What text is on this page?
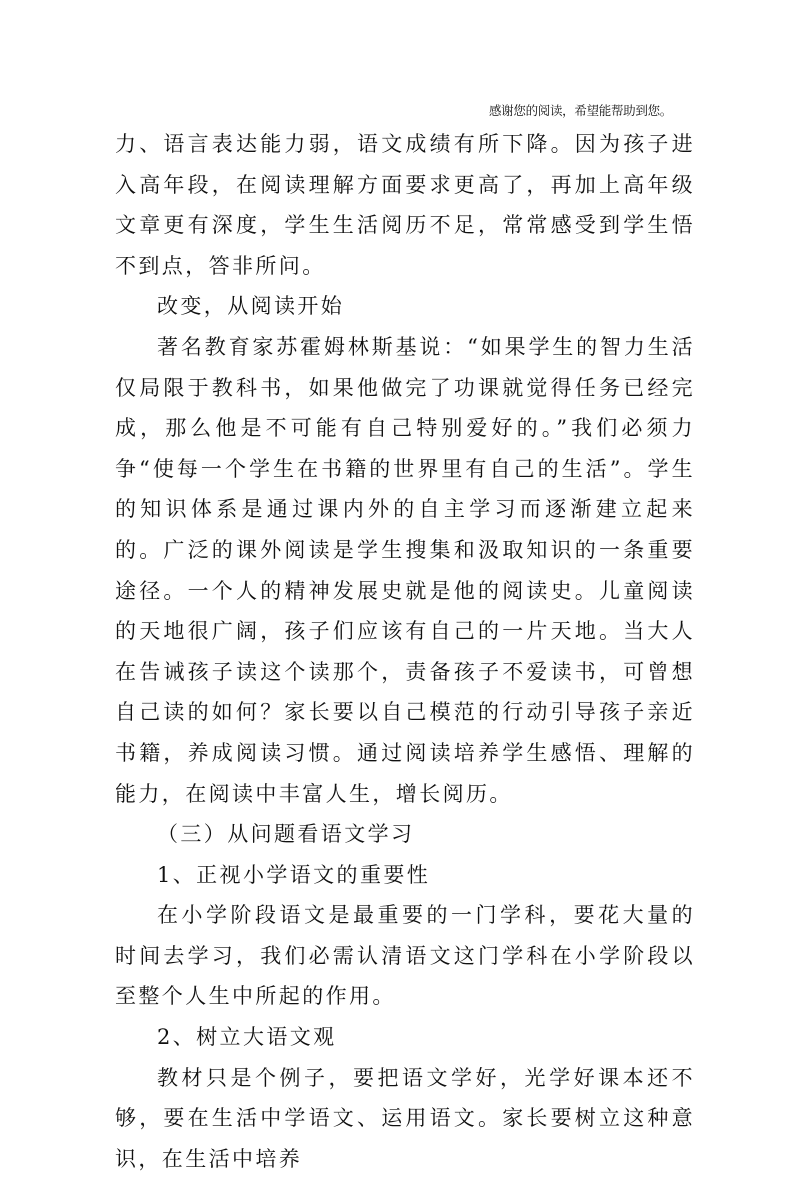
感谢您的阅读，希望能帮助到您。

力、语言表达能力弱，语文成绩有所下降。因为孩子进入高年段，在阅读理解方面要求更高了，再加上高年级文章更有深度，学生生活阅历不足，常常感受到学生悟不到点，答非所问。

改变，从阅读开始

著名教育家苏霍姆林斯基说：“如果学生的智力生活仅局限于教科书，如果他做完了功课就觉得任务已经完成，那么他是不可能有自己特别爱好的。”我们必须力争“使每一个学生在书籍的世界里有自己的生活”。学生的知识体系是通过课内外的自主学习而逐渐建立起来的。广泛的课外阅读是学生搜集和汲取知识的一条重要途径。一个人的精神发展史就是他的阅读史。儿童阅读的天地很广阔，孩子们应该有自己的一片天地。当大人在告诫孩子读这个读那个，责备孩子不爱读书，可曾想自己读的如何？家长要以自己模范的行动引导孩子亲近书籍，养成阅读习惯。通过阅读培养学生感悟、理解的能力，在阅读中丰富人生，增长阅历。

（三）从问题看语文学习

1、正视小学语文的重要性

在小学阶段语文是最重要的一门学科，要花大量的时间去学习，我们必需认清语文这门学科在小学阶段以至整个人生中所起的作用。

2、树立大语文观

教材只是个例子，要把语文学好，光学好课本还不够，要在生活中学语文、运用语文。家长要树立这种意识，在生活中培养
